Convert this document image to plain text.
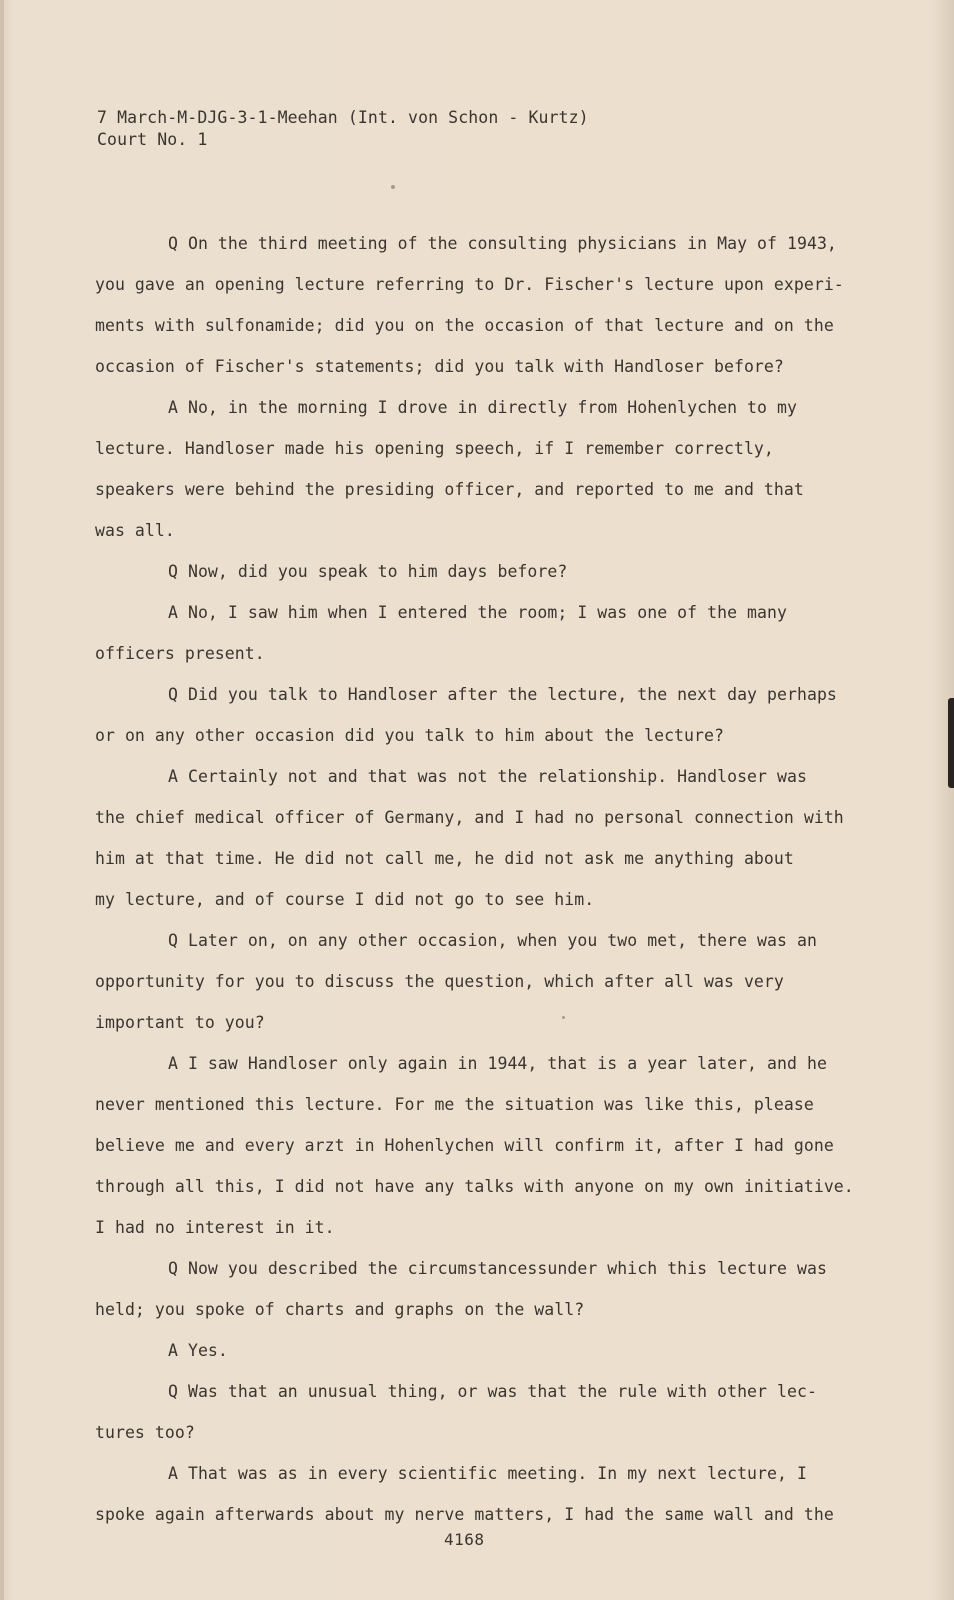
7 March-M-DJG-3-1-Meehan (Int. von Schon - Kurtz)
Court No. 1
Q On the third meeting of the consulting physicians in May of 1943,
you gave an opening lecture referring to Dr. Fischer's lecture upon experi-
ments with sulfonamide; did you on the occasion of that lecture and on the
occasion of Fischer's statements; did you talk with Handloser before?
A No, in the morning I drove in directly from Hohenlychen to my
lecture. Handloser made his opening speech, if I remember correctly,
speakers were behind the presiding officer, and reported to me and that
was all.
Q Now, did you speak to him days before?
A No, I saw him when I entered the room; I was one of the many
officers present.
Q Did you talk to Handloser after the lecture, the next day perhaps
or on any other occasion did you talk to him about the lecture?
A Certainly not and that was not the relationship. Handloser was
the chief medical officer of Germany, and I had no personal connection with
him at that time. He did not call me, he did not ask me anything about
my lecture, and of course I did not go to see him.
Q Later on, on any other occasion, when you two met, there was an
opportunity for you to discuss the question, which after all was very
important to you?
A I saw Handloser only again in 1944, that is a year later, and he
never mentioned this lecture. For me the situation was like this, please
believe me and every arzt in Hohenlychen will confirm it, after I had gone
through all this, I did not have any talks with anyone on my own initiative.
I had no interest in it.
Q Now you described the circumstancessunder which this lecture was
held; you spoke of charts and graphs on the wall?
A Yes.
Q Was that an unusual thing, or was that the rule with other lec-
tures too?
A That was as in every scientific meeting. In my next lecture, I
spoke again afterwards about my nerve matters, I had the same wall and the
4168
